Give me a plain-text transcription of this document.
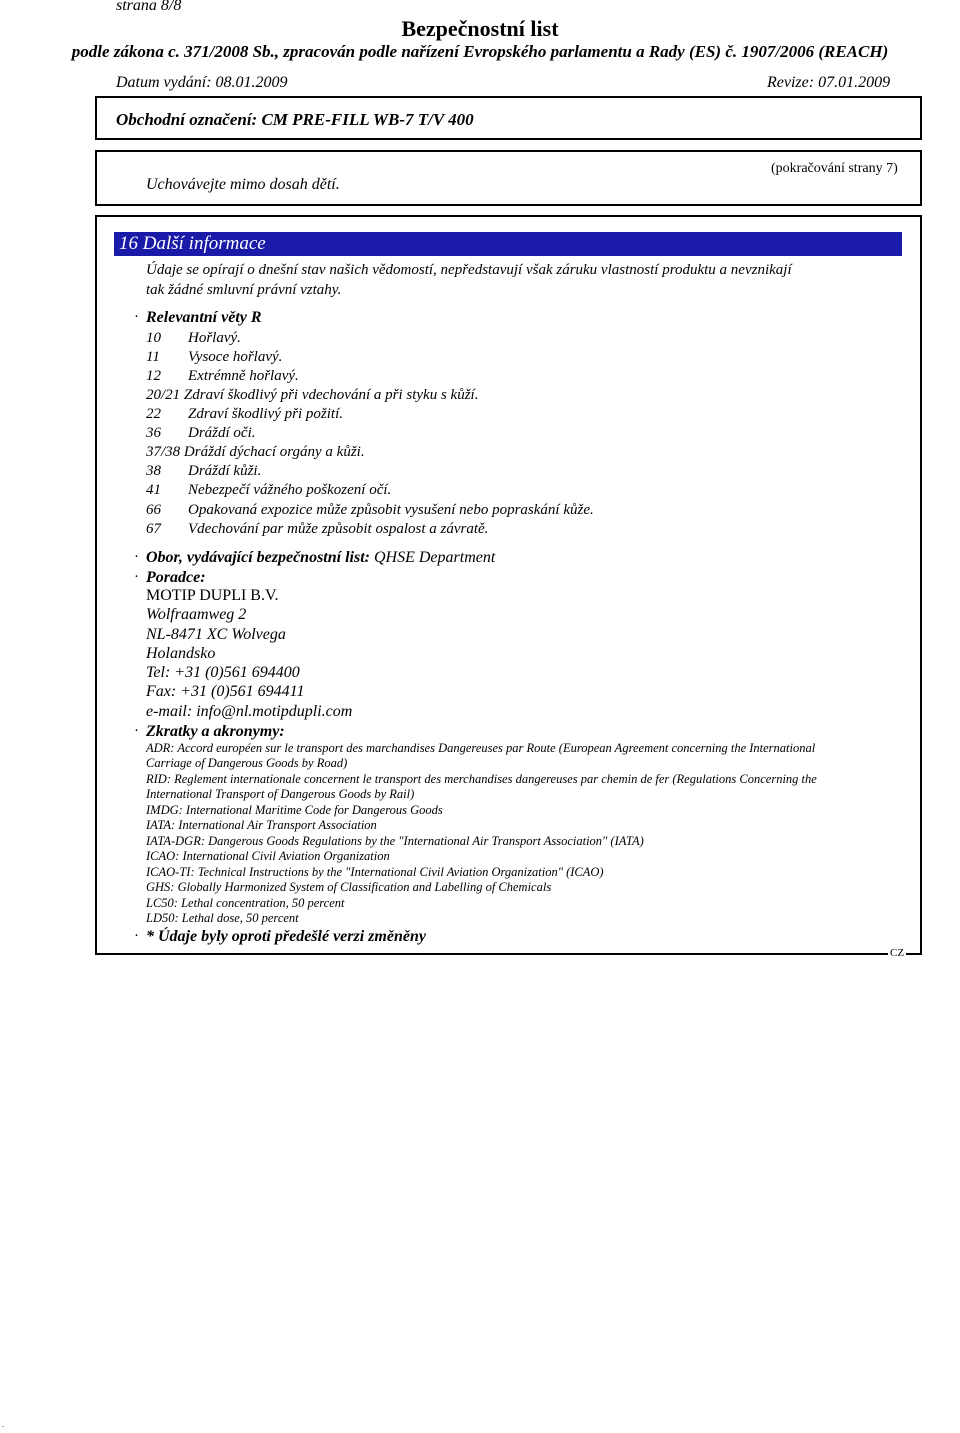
strana 8/8
Bezpečnostní list
podle zákona c. 371/2008 Sb., zpracován podle nařízení Evropského parlamentu a Rady (ES) č. 1907/2006 (REACH)
Datum vydání: 08.01.2009	Revize: 07.01.2009
Obchodní označení: CM PRE-FILL WB-7 T/V 400
(pokračování strany 7)
Uchovávejte mimo dosah dětí.
16 Další informace
Údaje se opírají o dnešní stav našich vědomostí, nepředstavují však záruku vlastností produktu a nevznikají
tak žádné smluvní právní vztahy.
· Relevantní věty R
10 Hořlavý.
11 Vysoce hořlavý.
12 Extrémně hořlavý.
20/21 Zdraví škodlivý při vdechování a při styku s kůží.
22 Zdraví škodlivý při požití.
36 Dráždí oči.
37/38 Dráždí dýchací orgány a kůži.
38 Dráždí kůži.
41 Nebezpečí vážného poškození očí.
66 Opakovaná expozice může způsobit vysušení nebo popraskání kůže.
67 Vdechování par může způsobit ospalost a závratě.
· Obor, vydávající bezpečnostní list: QHSE Department
· Poradce:
MOTIP DUPLI B.V.
Wolfraamweg 2
NL-8471 XC Wolvega
Holandsko
Tel: +31 (0)561 694400
Fax: +31 (0)561 694411
e-mail: info@nl.motipdupli.com
· Zkratky a akronymy:
ADR: Accord européen sur le transport des marchandises Dangereuses par Route (European Agreement concerning the International
Carriage of Dangerous Goods by Road)
RID: Reglement internationale concernent le transport des merchandises dangereuses par chemin de fer (Regulations Concerning the
International Transport of Dangerous Goods by Rail)
IMDG: International Maritime Code for Dangerous Goods
IATA: International Air Transport Association
IATA-DGR: Dangerous Goods Regulations by the "International Air Transport Association" (IATA)
ICAO: International Civil Aviation Organization
ICAO-TI: Technical Instructions by the "International Civil Aviation Organization" (ICAO)
GHS: Globally Harmonized System of Classification and Labelling of Chemicals
LC50: Lethal concentration, 50 percent
LD50: Lethal dose, 50 percent
· * Údaje byly oproti předešlé verzi změněny
CZ
.
